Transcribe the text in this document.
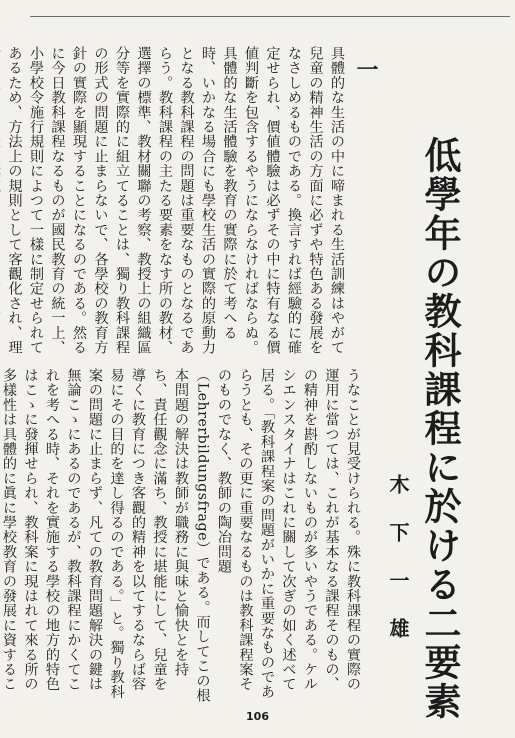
低學年の教科課程に於ける二要素
木下一雄
一

具體的な生活の中に啼まれる生活訓練はやがて兒童の精神生活の方面に必ずや特色ある發展をなさしめるものである。換言すれば經驗的に確定せられ、價値體驗は必ずその中に特有なる價値判斷を包含するやうにならなければならぬ。具體的な生活體驗を教育の實際に於て考へる時、いかなる場合にも學校生活の實際的原動力となる教科課程の問題は重要なものとなるであらう。教科課程の主たる要素をなす所の教材、選擇の標準、教材關聯の考察、教授上の組織區分等を實際的に組立てることは、獨り教科課程の形式の問題に止まらないで、各學校の教育方針の實際を顯現することになるのである。然るに今日教科課程なるものが國民教育の統一上、小學校令施行規則によつて一樣に制定せられてあるため、方法上の規則として客觀化され、理

うなことが見受けられる。殊に教科課程の實際の運用に當つては、これが基本なる課程そのもの、の精神を斟酌しないものが多いやうである。ケルシエンスタイナはこれに關して次ぎの如く述べて居る。「教科課程案の問題がいかに重要なものであらうとも、その更に重要なるものは教科課程案そのものでなく、教師の陶冶問題（Lehrerbildungsfrage）である。而してこの根本問題の解決は教師が職務に與味と愉快とを持ち、責任觀念に滿ち、教授に堪能にして、兒童を導くに教育につき客觀的精神を以てするならば容易にその目的を達し得るのである。」と。獨り教科案の問題に止まらず、凡ての教育問題解決の鍵は無論こゝにあるのであるが、教科課程にかくてこれを考へる時、それを實施する學校の地方的特色はこゝに發揮せられ、教科案に現はれて來る所の多樣性は具體的に眞に學校教育の發展に資するこ

106
